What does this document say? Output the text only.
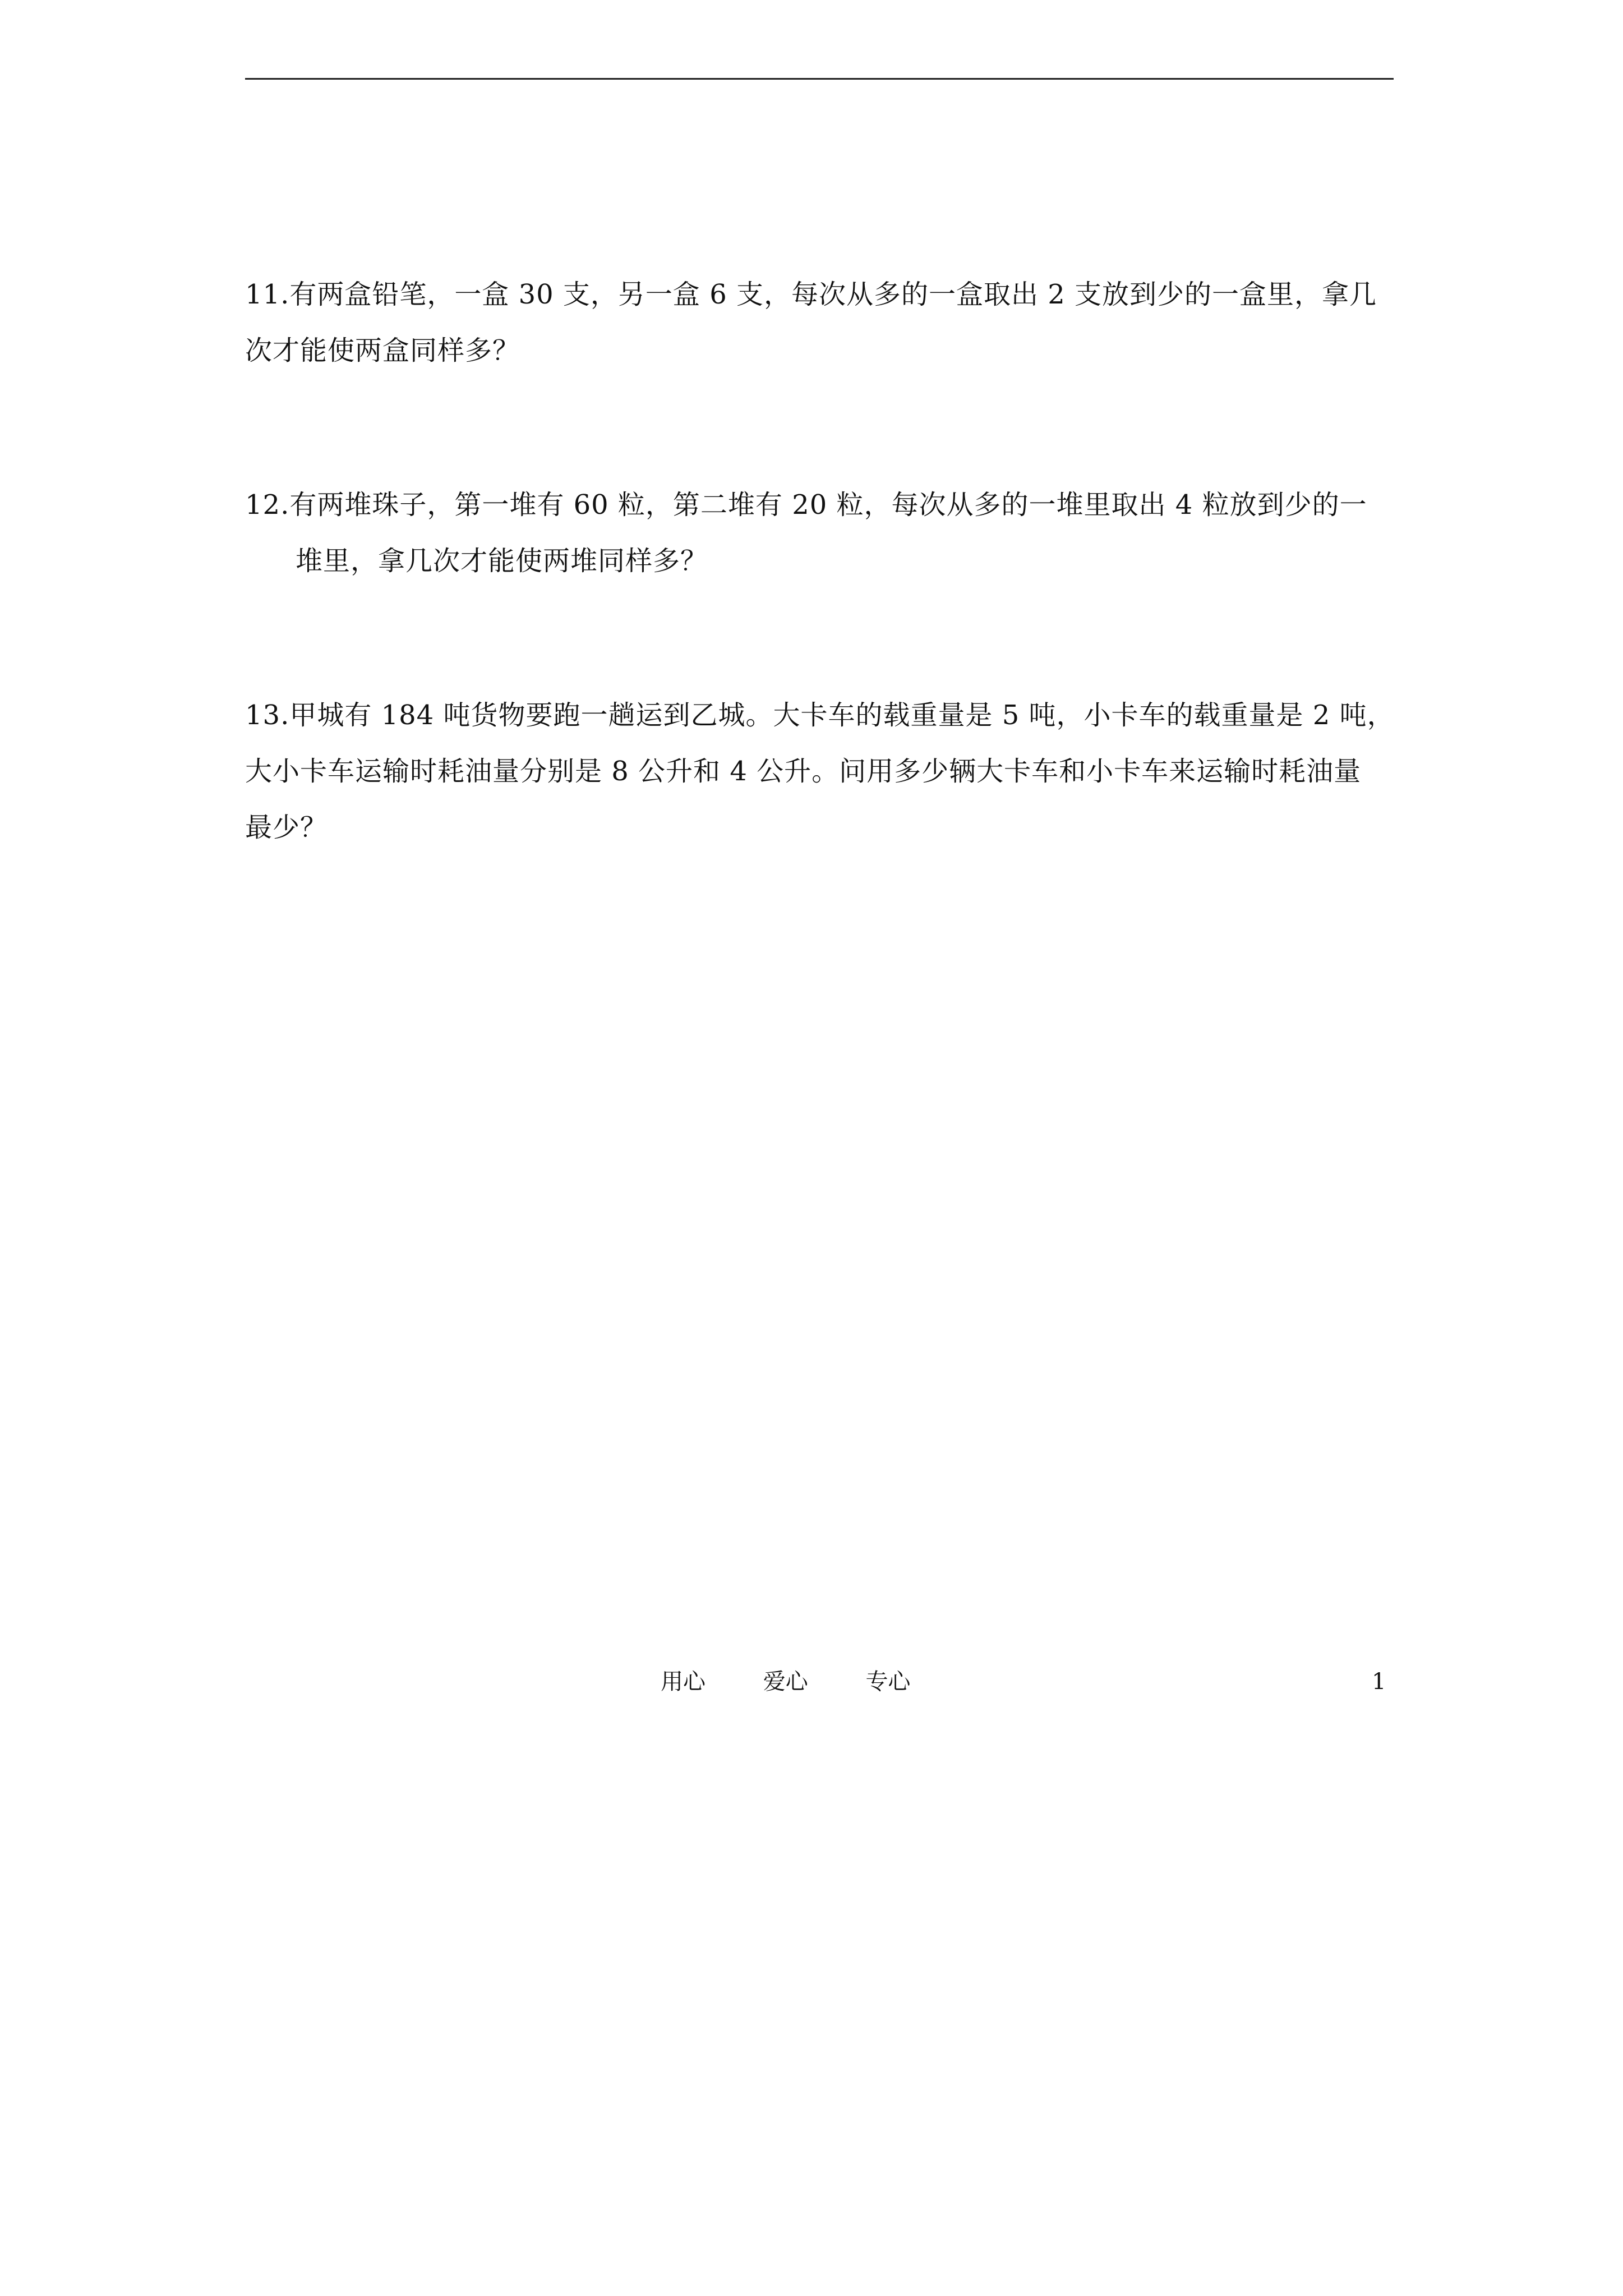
11.有两盒铅笔，一盒 30 支，另一盒 6 支，每次从多的一盒取出 2 支放到少的一盒里，拿几
次才能使两盒同样多？
12.有两堆珠子，第一堆有 60 粒，第二堆有 20 粒，每次从多的一堆里取出 4 粒放到少的一
堆里，拿几次才能使两堆同样多？
13.甲城有 184 吨货物要跑一趟运到乙城。大卡车的载重量是 5 吨，小卡车的载重量是 2 吨，
大小卡车运输时耗油量分别是 8 公升和 4 公升。问用多少辆大卡车和小卡车来运输时耗油量
最少？
用心	爱心	专心	1
